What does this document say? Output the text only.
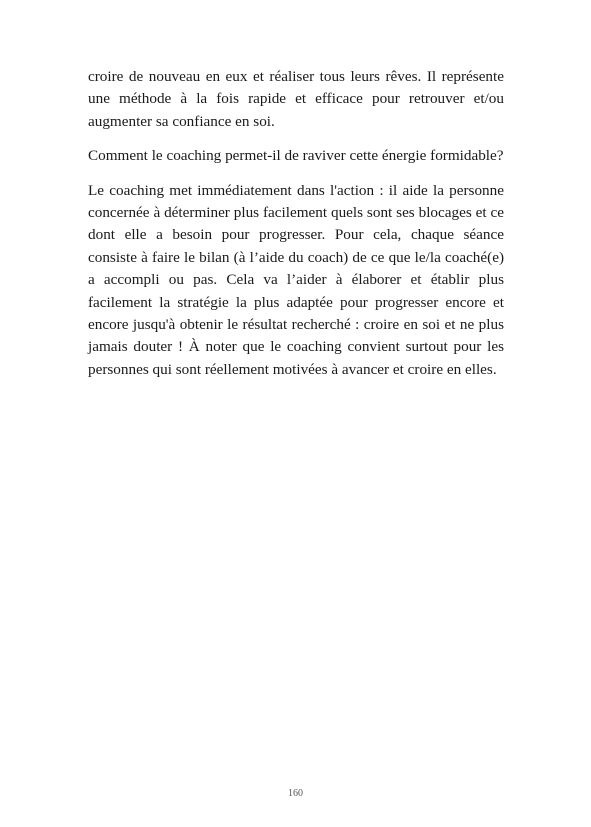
croire de nouveau en eux et réaliser tous leurs rêves. Il représente une méthode à la fois rapide et efficace pour retrouver et/ou augmenter sa confiance en soi.

Comment le coaching permet-il de raviver cette énergie formidable?

Le coaching met immédiatement dans l'action : il aide la personne concernée à déterminer plus facilement quels sont ses blocages et ce dont elle a besoin pour progresser. Pour cela, chaque séance consiste à faire le bilan (à l’aide du coach) de ce que le/la coaché(e) a accompli ou pas. Cela va l’aider à élaborer et établir plus facilement la stratégie la plus adaptée pour progresser encore et encore jusqu'à obtenir le résultat recherché : croire en soi et ne plus jamais douter ! À noter que le coaching convient surtout pour les personnes qui sont réellement motivées à avancer et croire en elles.

160
